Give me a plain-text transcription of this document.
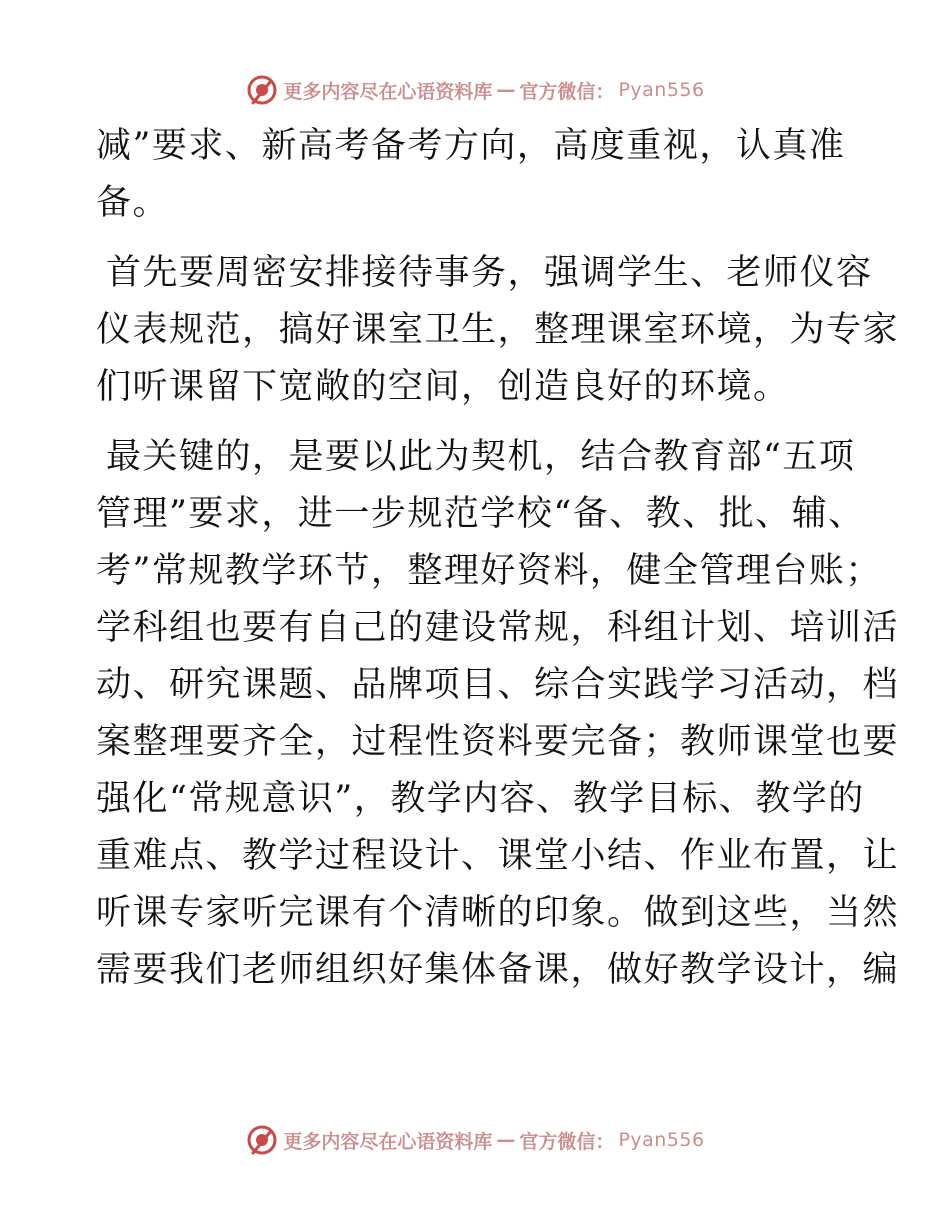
更多内容尽在心语资料库 — 官方微信： Pyan556
减”要求、新高考备考方向，高度重视，认真准
备。
首先要周密安排接待事务，强调学生、老师仪容
仪表规范，搞好课室卫生，整理课室环境，为专家
们听课留下宽敞的空间，创造良好的环境。
最关键的，是要以此为契机，结合教育部“五项
管理”要求，进一步规范学校“备、教、批、辅、
考”常规教学环节，整理好资料，健全管理台账；
学科组也要有自己的建设常规，科组计划、培训活
动、研究课题、品牌项目、综合实践学习活动，档
案整理要齐全，过程性资料要完备；教师课堂也要
强化“常规意识”，教学内容、教学目标、教学的
重难点、教学过程设计、课堂小结、作业布置，让
听课专家听完课有个清晰的印象。做到这些，当然
需要我们老师组织好集体备课，做好教学设计，编
更多内容尽在心语资料库 — 官方微信： Pyan556
